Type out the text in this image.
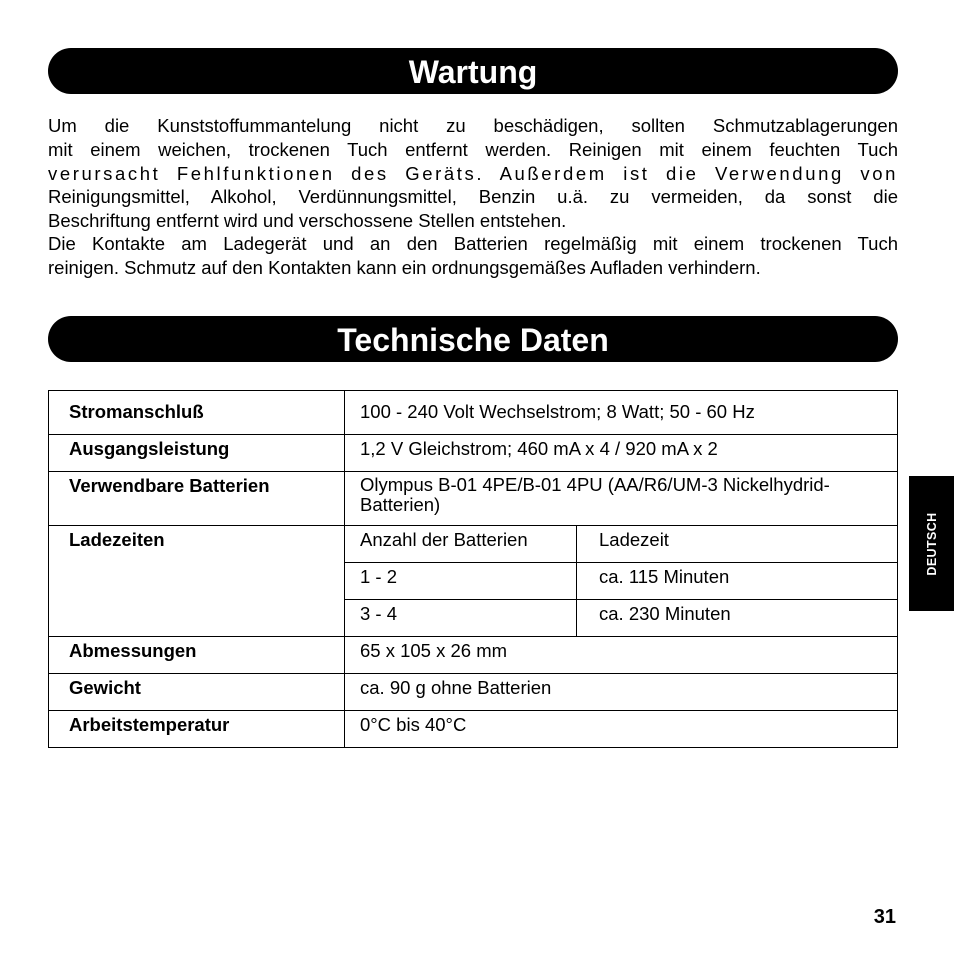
Wartung
Um die Kunststoffummantelung nicht zu beschädigen, sollten Schmutzablagerungen
mit einem weichen, trockenen Tuch entfernt werden. Reinigen mit einem feuchten Tuch
verursacht Fehlfunktionen des Geräts. Außerdem ist die Verwendung von
Reinigungsmittel, Alkohol, Verdünnungsmittel, Benzin u.ä. zu vermeiden, da sonst die
Beschriftung entfernt wird und verschossene Stellen entstehen.
Die Kontakte am Ladegerät und an den Batterien regelmäßig mit einem trockenen Tuch
reinigen. Schmutz auf den Kontakten kann ein ordnungsgemäßes Aufladen verhindern.
Technische Daten
Stromanschluß	100 - 240 Volt Wechselstrom; 8 Watt; 50 - 60 Hz	
Ausgangsleistung	1,2 V Gleichstrom; 460 mA x 4 / 920 mA x 2	
Verwendbare Batterien	Olympus B-01 4PE/B-01 4PU (AA/R6/UM-3 Nickelhydrid-
Batterien)	

Ladezeiten	Anzahl der Batterien	Ladezeit
	1 - 2	ca. 115 Minuten
	3 - 4	ca. 230 Minuten
Abmessungen	65 x 105 x 26 mm	
Gewicht	ca. 90 g ohne Batterien	
Arbeitstemperatur	0°C bis 40°C	
DEUTSCH
31
